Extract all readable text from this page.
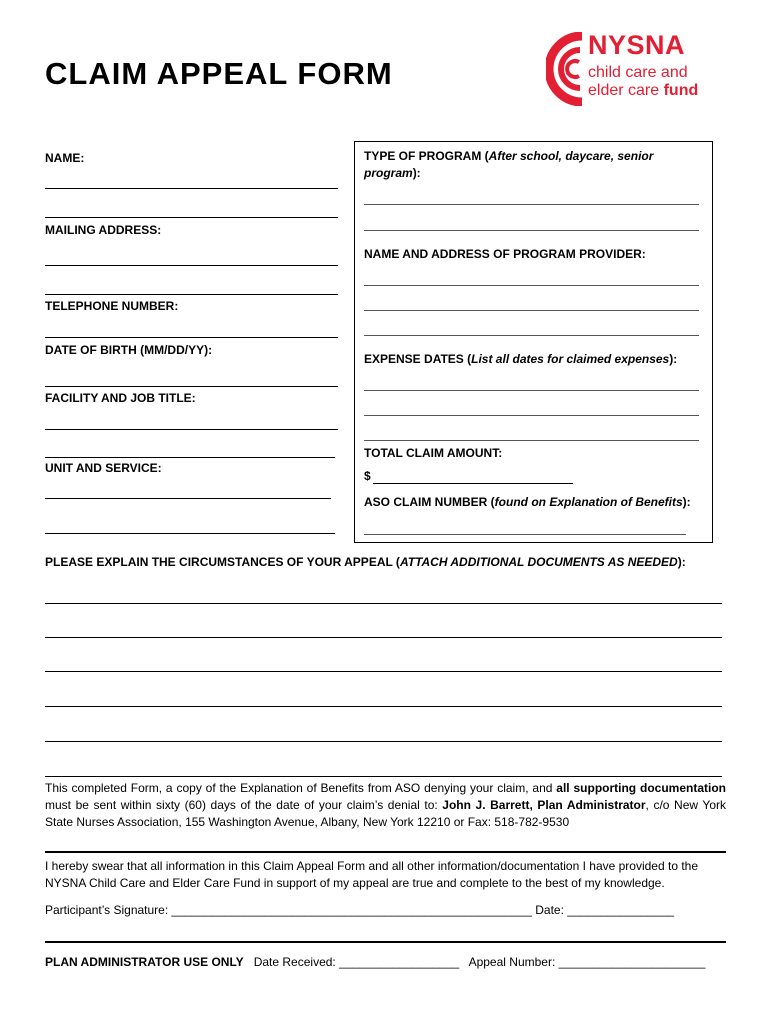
CLAIM APPEAL FORM
NYSNA
child care and
elder care fund
NAME:
MAILING ADDRESS:
TELEPHONE NUMBER:
DATE OF BIRTH (MM/DD/YY):
FACILITY AND JOB TITLE:
UNIT AND SERVICE:
TYPE OF PROGRAM (After school, daycare, senior program):
NAME AND ADDRESS OF PROGRAM PROVIDER:
EXPENSE DATES (List all dates for claimed expenses):
TOTAL CLAIM AMOUNT:
$
ASO CLAIM NUMBER (found on Explanation of Benefits):
PLEASE EXPLAIN THE CIRCUMSTANCES OF YOUR APPEAL (ATTACH ADDITIONAL DOCUMENTS AS NEEDED):
This completed Form, a copy of the Explanation of Benefits from ASO denying your claim, and all supporting documentation must be sent within sixty (60) days of the date of your claim’s denial to: John J. Barrett, Plan Administrator, c/o New York State Nurses Association, 155 Washington Avenue, Albany, New York 12210 or Fax: 518-782-9530
I hereby swear that all information in this Claim Appeal Form and all other information/documentation I have provided to the NYSNA Child Care and Elder Care Fund in support of my appeal are true and complete to the best of my knowledge.
Participant’s Signature: ______________________________________________________ Date: ________________
PLAN ADMINISTRATOR USE ONLY Date Received: __________________ Appeal Number: ______________________
